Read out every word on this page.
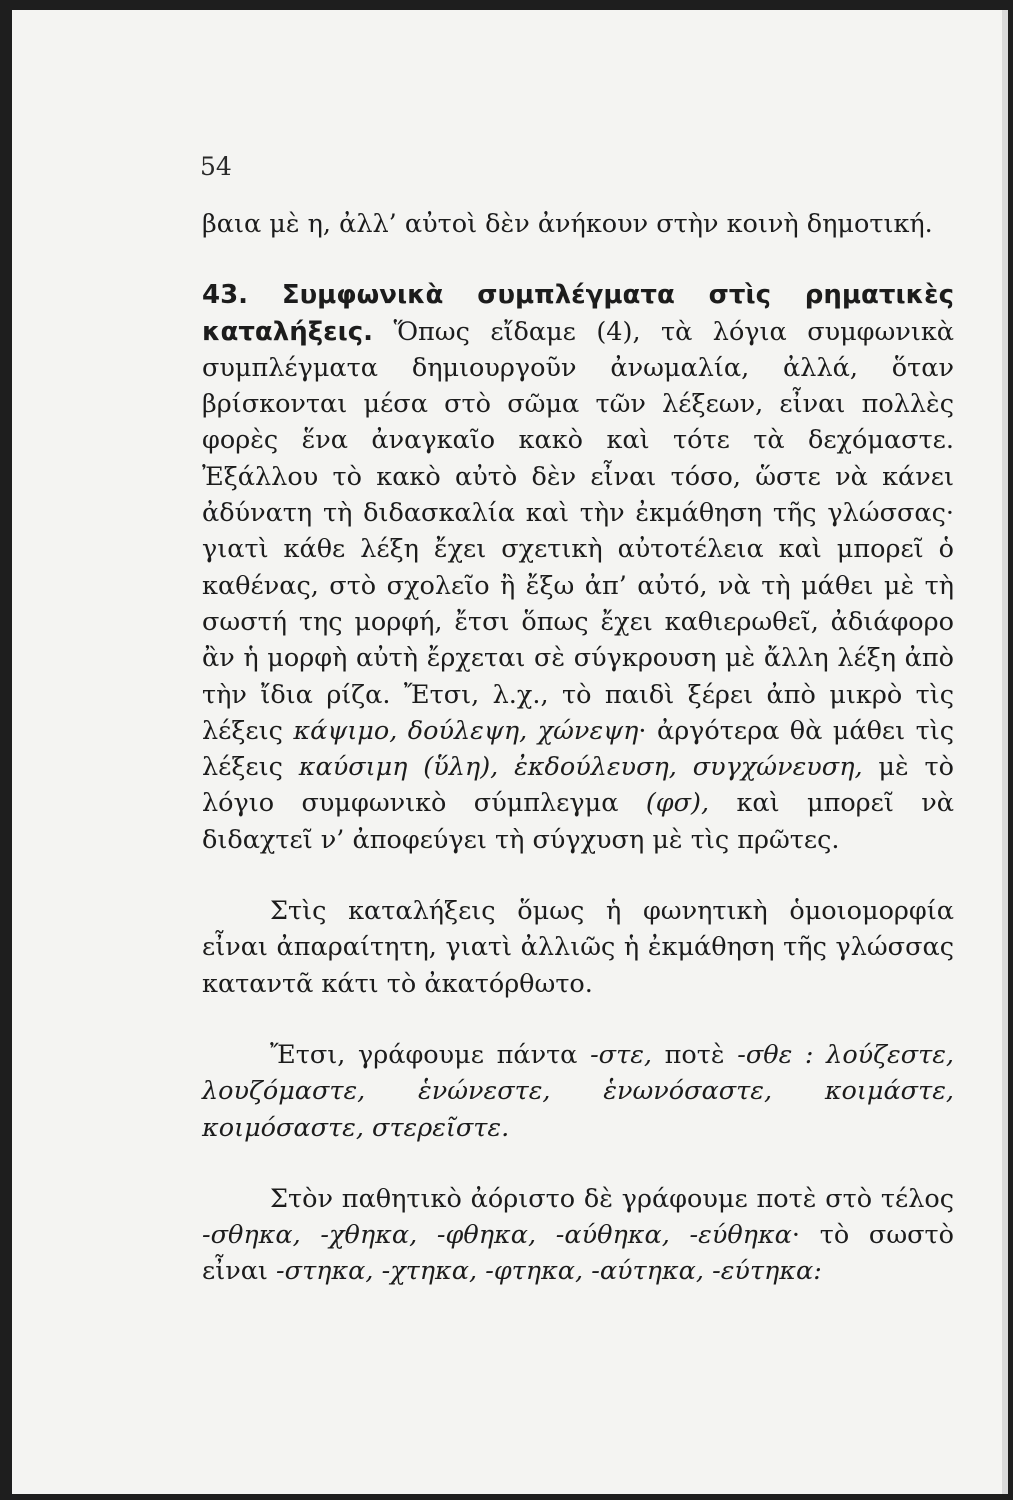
54

βαια μὲ η, ἀλλ’ αὐτοὶ δὲν ἀνήκουν στὴν κοινὴ δημοτική.

43. Συμφωνικὰ συμπλέγματα στὶς ρηματικὲς καταλήξεις. Ὅπως εἴδαμε (4), τὰ λόγια συμφωνικὰ συμπλέγματα δημιουργοῦν ἀνωμαλία, ἀλλά, ὅταν βρίσκονται μέσα στὸ σῶμα τῶν λέξεων, εἶναι πολλὲς φορὲς ἕνα ἀναγκαῖο κακὸ καὶ τότε τὰ δεχόμαστε. Ἐξάλλου τὸ κακὸ αὐτὸ δὲν εἶναι τόσο, ὥστε νὰ κάνει ἀδύνατη τὴ διδασκαλία καὶ τὴν ἐκμάθηση τῆς γλώσσας· γιατὶ κάθε λέξη ἔχει σχετικὴ αὐτοτέλεια καὶ μπορεῖ ὁ καθένας, στὸ σχολεῖο ἢ ἔξω ἀπ’ αὐτό, νὰ τὴ μάθει μὲ τὴ σωστή της μορφή, ἔτσι ὅπως ἔχει καθιερωθεῖ, ἀδιάφορο ἂν ἡ μορφὴ αὐτὴ ἔρχεται σὲ σύγκρουση μὲ ἄλλη λέξη ἀπὸ τὴν ἴδια ρίζα. Ἔτσι, λ.χ., τὸ παιδὶ ξέρει ἀπὸ μικρὸ τὶς λέξεις κάψιμο, δούλεψη, χώνεψη· ἀργότερα θὰ μάθει τὶς λέξεις καύσιμη (ὕλη), ἐκδούλευση, συγχώνευση, μὲ τὸ λόγιο συμφωνικὸ σύμπλεγμα (φσ), καὶ μπορεῖ νὰ διδαχτεῖ ν’ ἀποφεύγει τὴ σύγχυση μὲ τὶς πρῶτες.

Στὶς καταλήξεις ὅμως ἡ φωνητικὴ ὁμοιομορφία εἶναι ἀπαραίτητη, γιατὶ ἀλλιῶς ἡ ἐκμάθηση τῆς γλώσσας καταντᾶ κάτι τὸ ἀκατόρθωτο.

Ἔτσι, γράφουμε πάντα -στε, ποτὲ -σθε : λούζεστε, λουζόμαστε, ἑνώνεστε, ἑνωνόσαστε, κοιμάστε, κοιμόσαστε, στερεῖστε.

Στὸν παθητικὸ ἀόριστο δὲ γράφουμε ποτὲ στὸ τέλος -σθηκα, -χθηκα, -φθηκα, -αύθηκα, -εύθηκα· τὸ σωστὸ εἶναι -στηκα, -χτηκα, -φτηκα, -αύτηκα, -εύτηκα:
